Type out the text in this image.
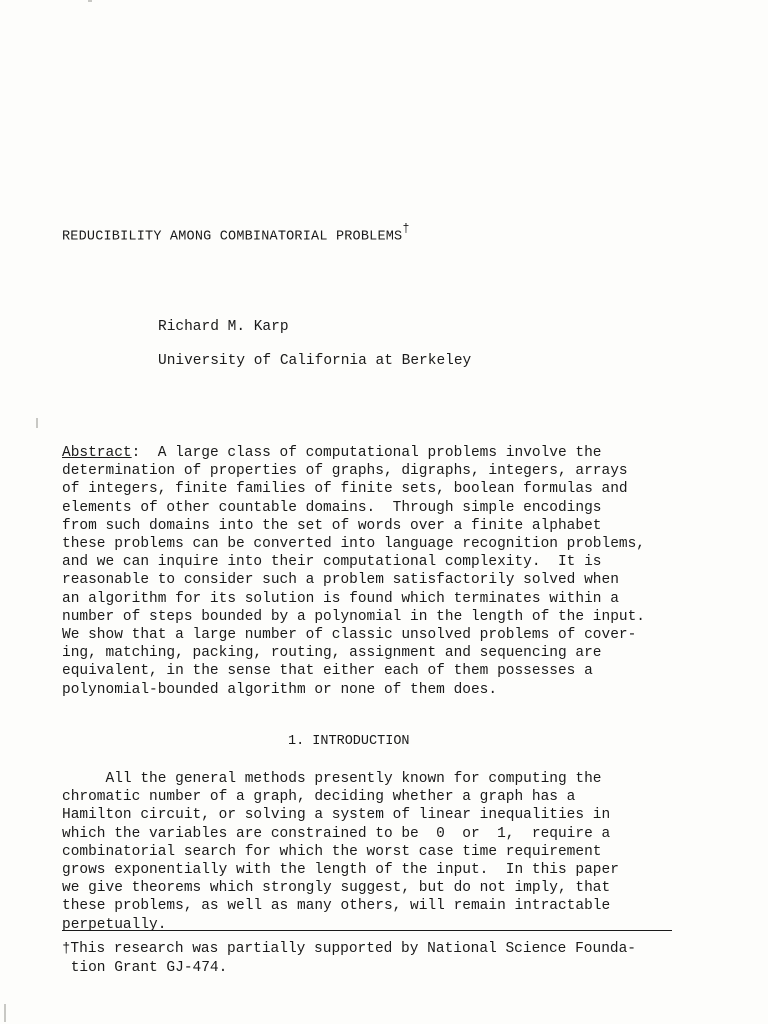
REDUCIBILITY AMONG COMBINATORIAL PROBLEMS†
Richard M. Karp
University of California at Berkeley
Abstract:  A large class of computational problems involve the
determination of properties of graphs, digraphs, integers, arrays
of integers, finite families of finite sets, boolean formulas and
elements of other countable domains.  Through simple encodings
from such domains into the set of words over a finite alphabet
these problems can be converted into language recognition problems,
and we can inquire into their computational complexity.  It is
reasonable to consider such a problem satisfactorily solved when
an algorithm for its solution is found which terminates within a
number of steps bounded by a polynomial in the length of the input.
We show that a large number of classic unsolved problems of cover-
ing, matching, packing, routing, assignment and sequencing are
equivalent, in the sense that either each of them possesses a
polynomial-bounded algorithm or none of them does.
1. INTRODUCTION
All the general methods presently known for computing the
chromatic number of a graph, deciding whether a graph has a
Hamilton circuit, or solving a system of linear inequalities in
which the variables are constrained to be  0  or  1,  require a
combinatorial search for which the worst case time requirement
grows exponentially with the length of the input.  In this paper
we give theorems which strongly suggest, but do not imply, that
these problems, as well as many others, will remain intractable
perpetually.
†This research was partially supported by National Science Founda-
tion Grant GJ-474.
